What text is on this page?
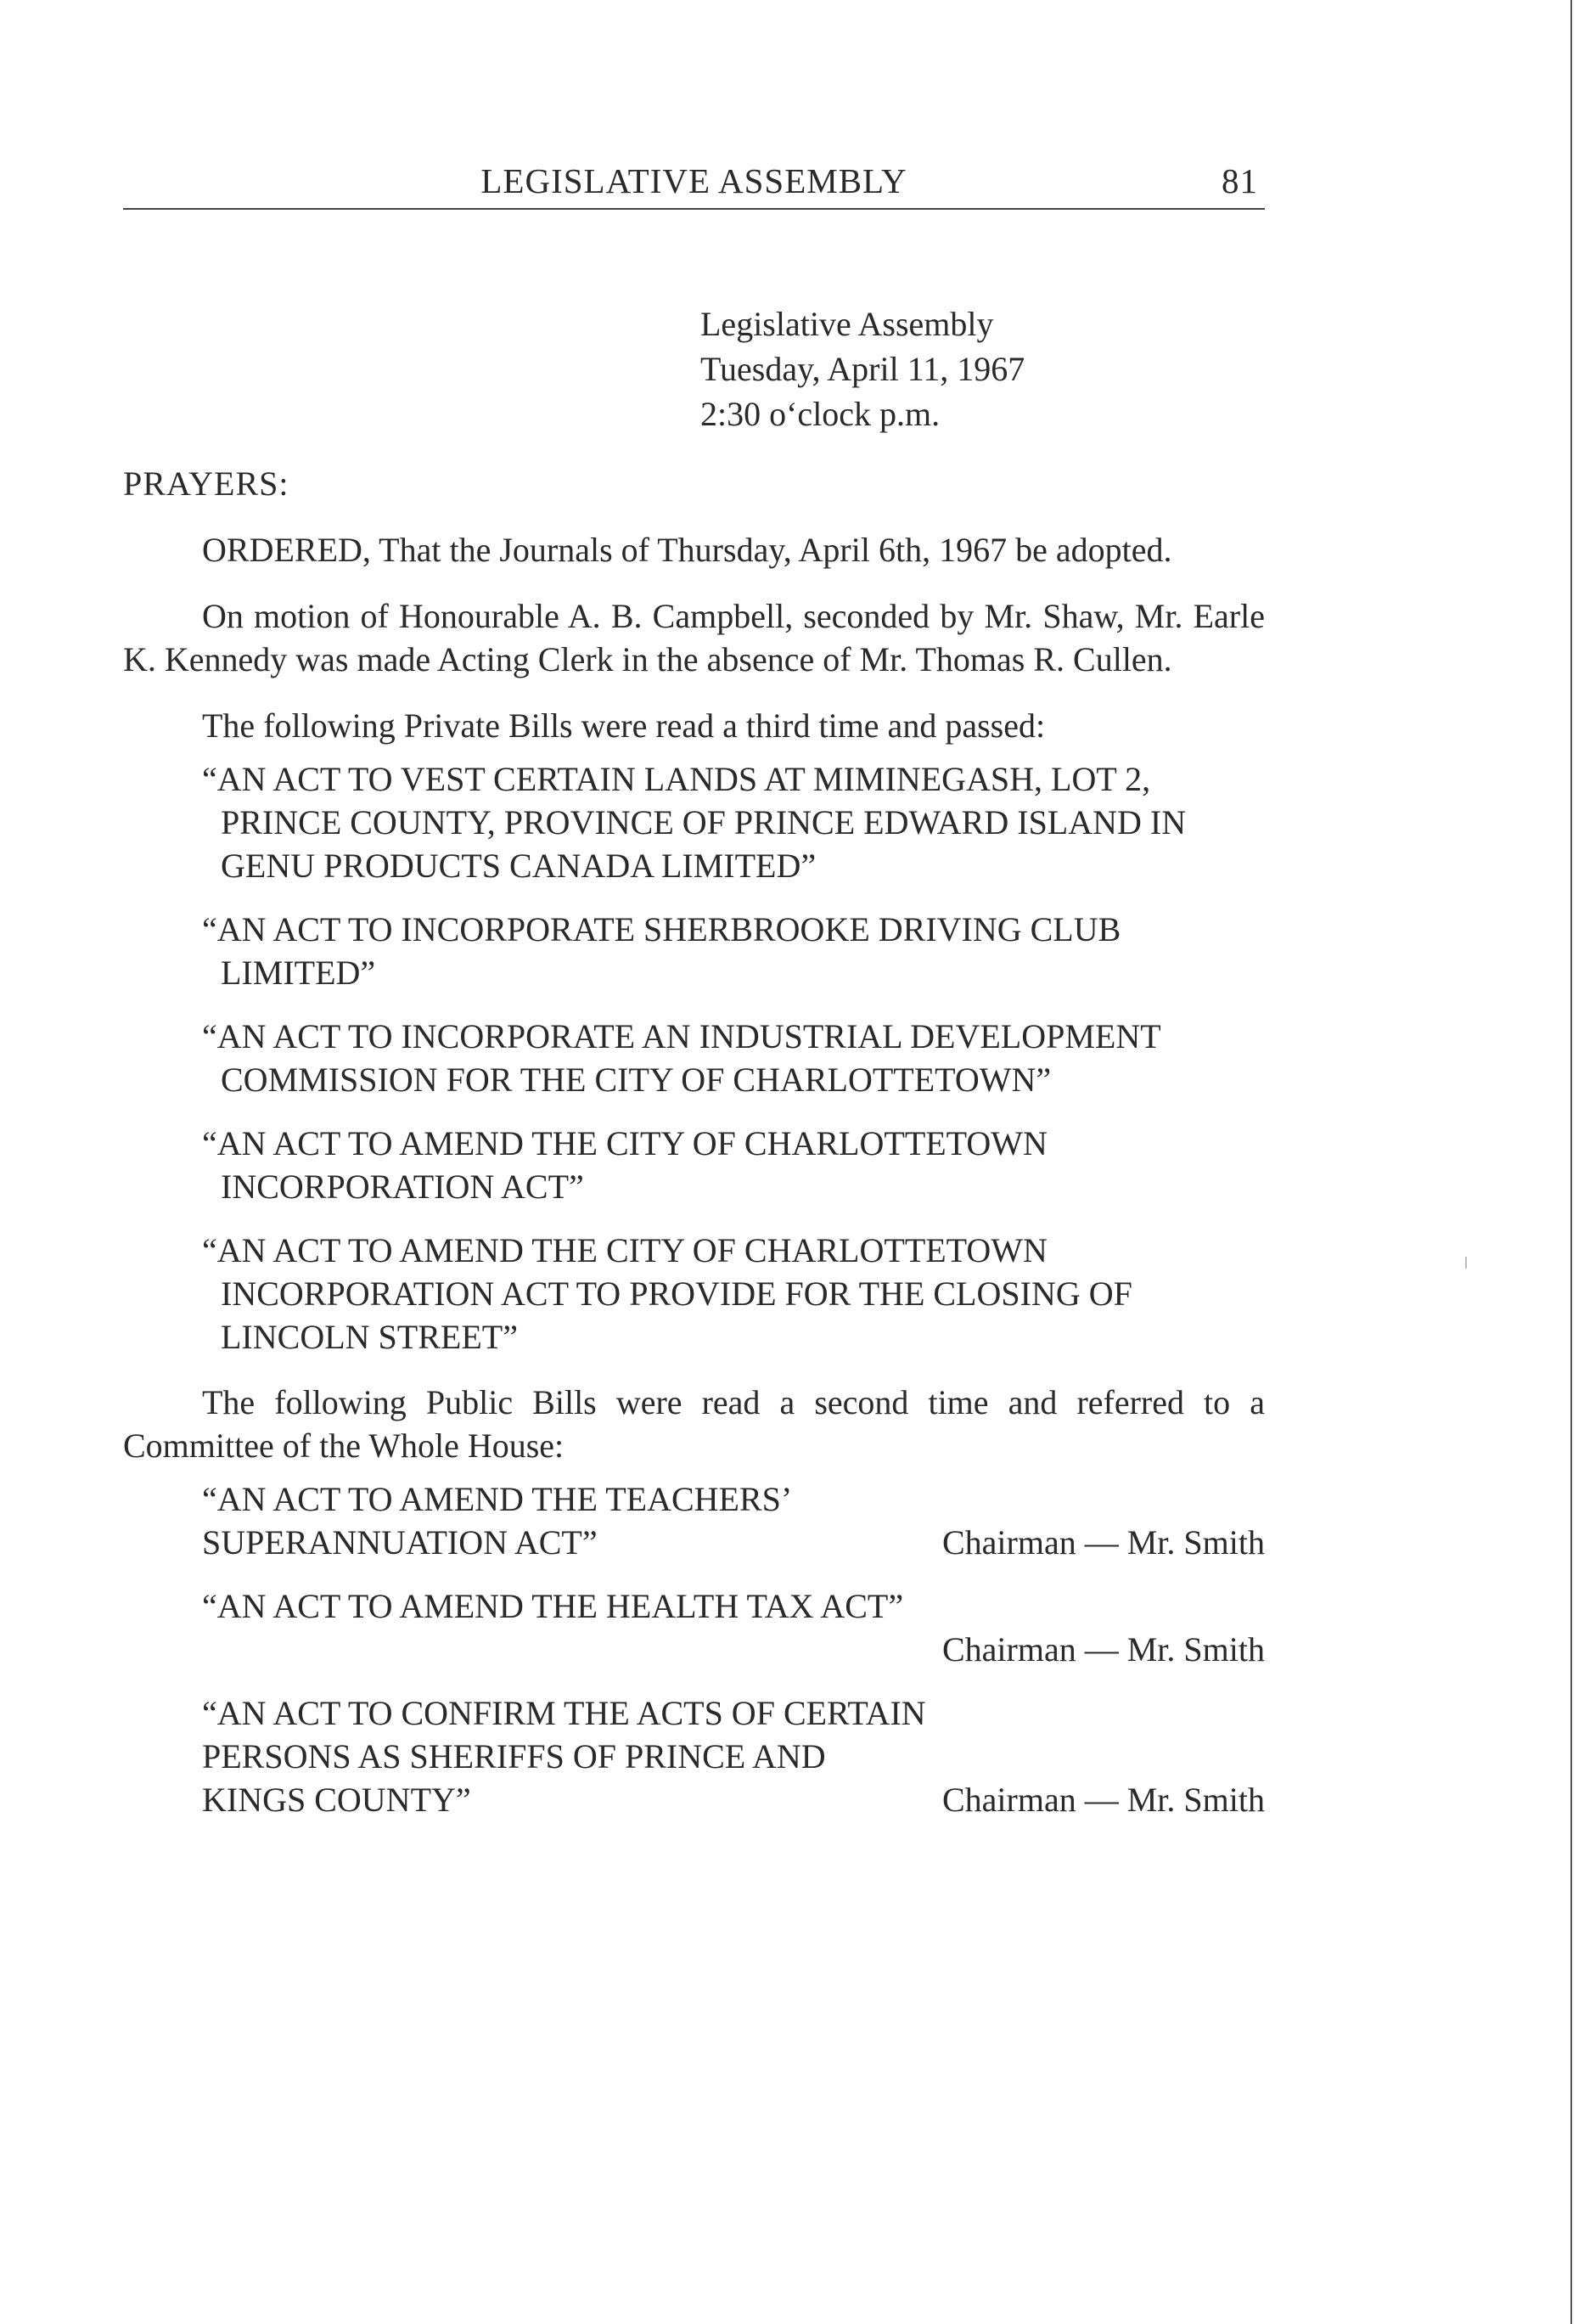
LEGISLATIVE ASSEMBLY	81
Legislative Assembly
Tuesday, April 11, 1967
2:30 o‘clock p.m.
PRAYERS:
ORDERED, That the Journals of Thursday, April 6th, 1967 be adopted.
On motion of Honourable A. B. Campbell, seconded by Mr. Shaw, Mr. Earle K. Kennedy was made Acting Clerk in the absence of Mr. Thomas R. Cullen.
The following Private Bills were read a third time and passed:
“AN ACT TO VEST CERTAIN LANDS AT MIMINEGASH, LOT 2, PRINCE COUNTY, PROVINCE OF PRINCE EDWARD ISLAND IN GENU PRODUCTS CANADA LIMITED”
“AN ACT TO INCORPORATE SHERBROOKE DRIVING CLUB LIMITED”
“AN ACT TO INCORPORATE AN INDUSTRIAL DEVELOPMENT COMMISSION FOR THE CITY OF CHARLOTTETOWN”
“AN ACT TO AMEND THE CITY OF CHARLOTTETOWN INCORPORATION ACT”
“AN ACT TO AMEND THE CITY OF CHARLOTTETOWN INCORPORATION ACT TO PROVIDE FOR THE CLOSING OF LINCOLN STREET”
The following Public Bills were read a second time and referred to a Committee of the Whole House:
“AN ACT TO AMEND THE TEACHERS’
SUPERANNUATION ACT”	Chairman — Mr. Smith
“AN ACT TO AMEND THE HEALTH TAX ACT”
Chairman — Mr. Smith
“AN ACT TO CONFIRM THE ACTS OF CERTAIN
PERSONS AS SHERIFFS OF PRINCE AND
KINGS COUNTY”	Chairman — Mr. Smith
